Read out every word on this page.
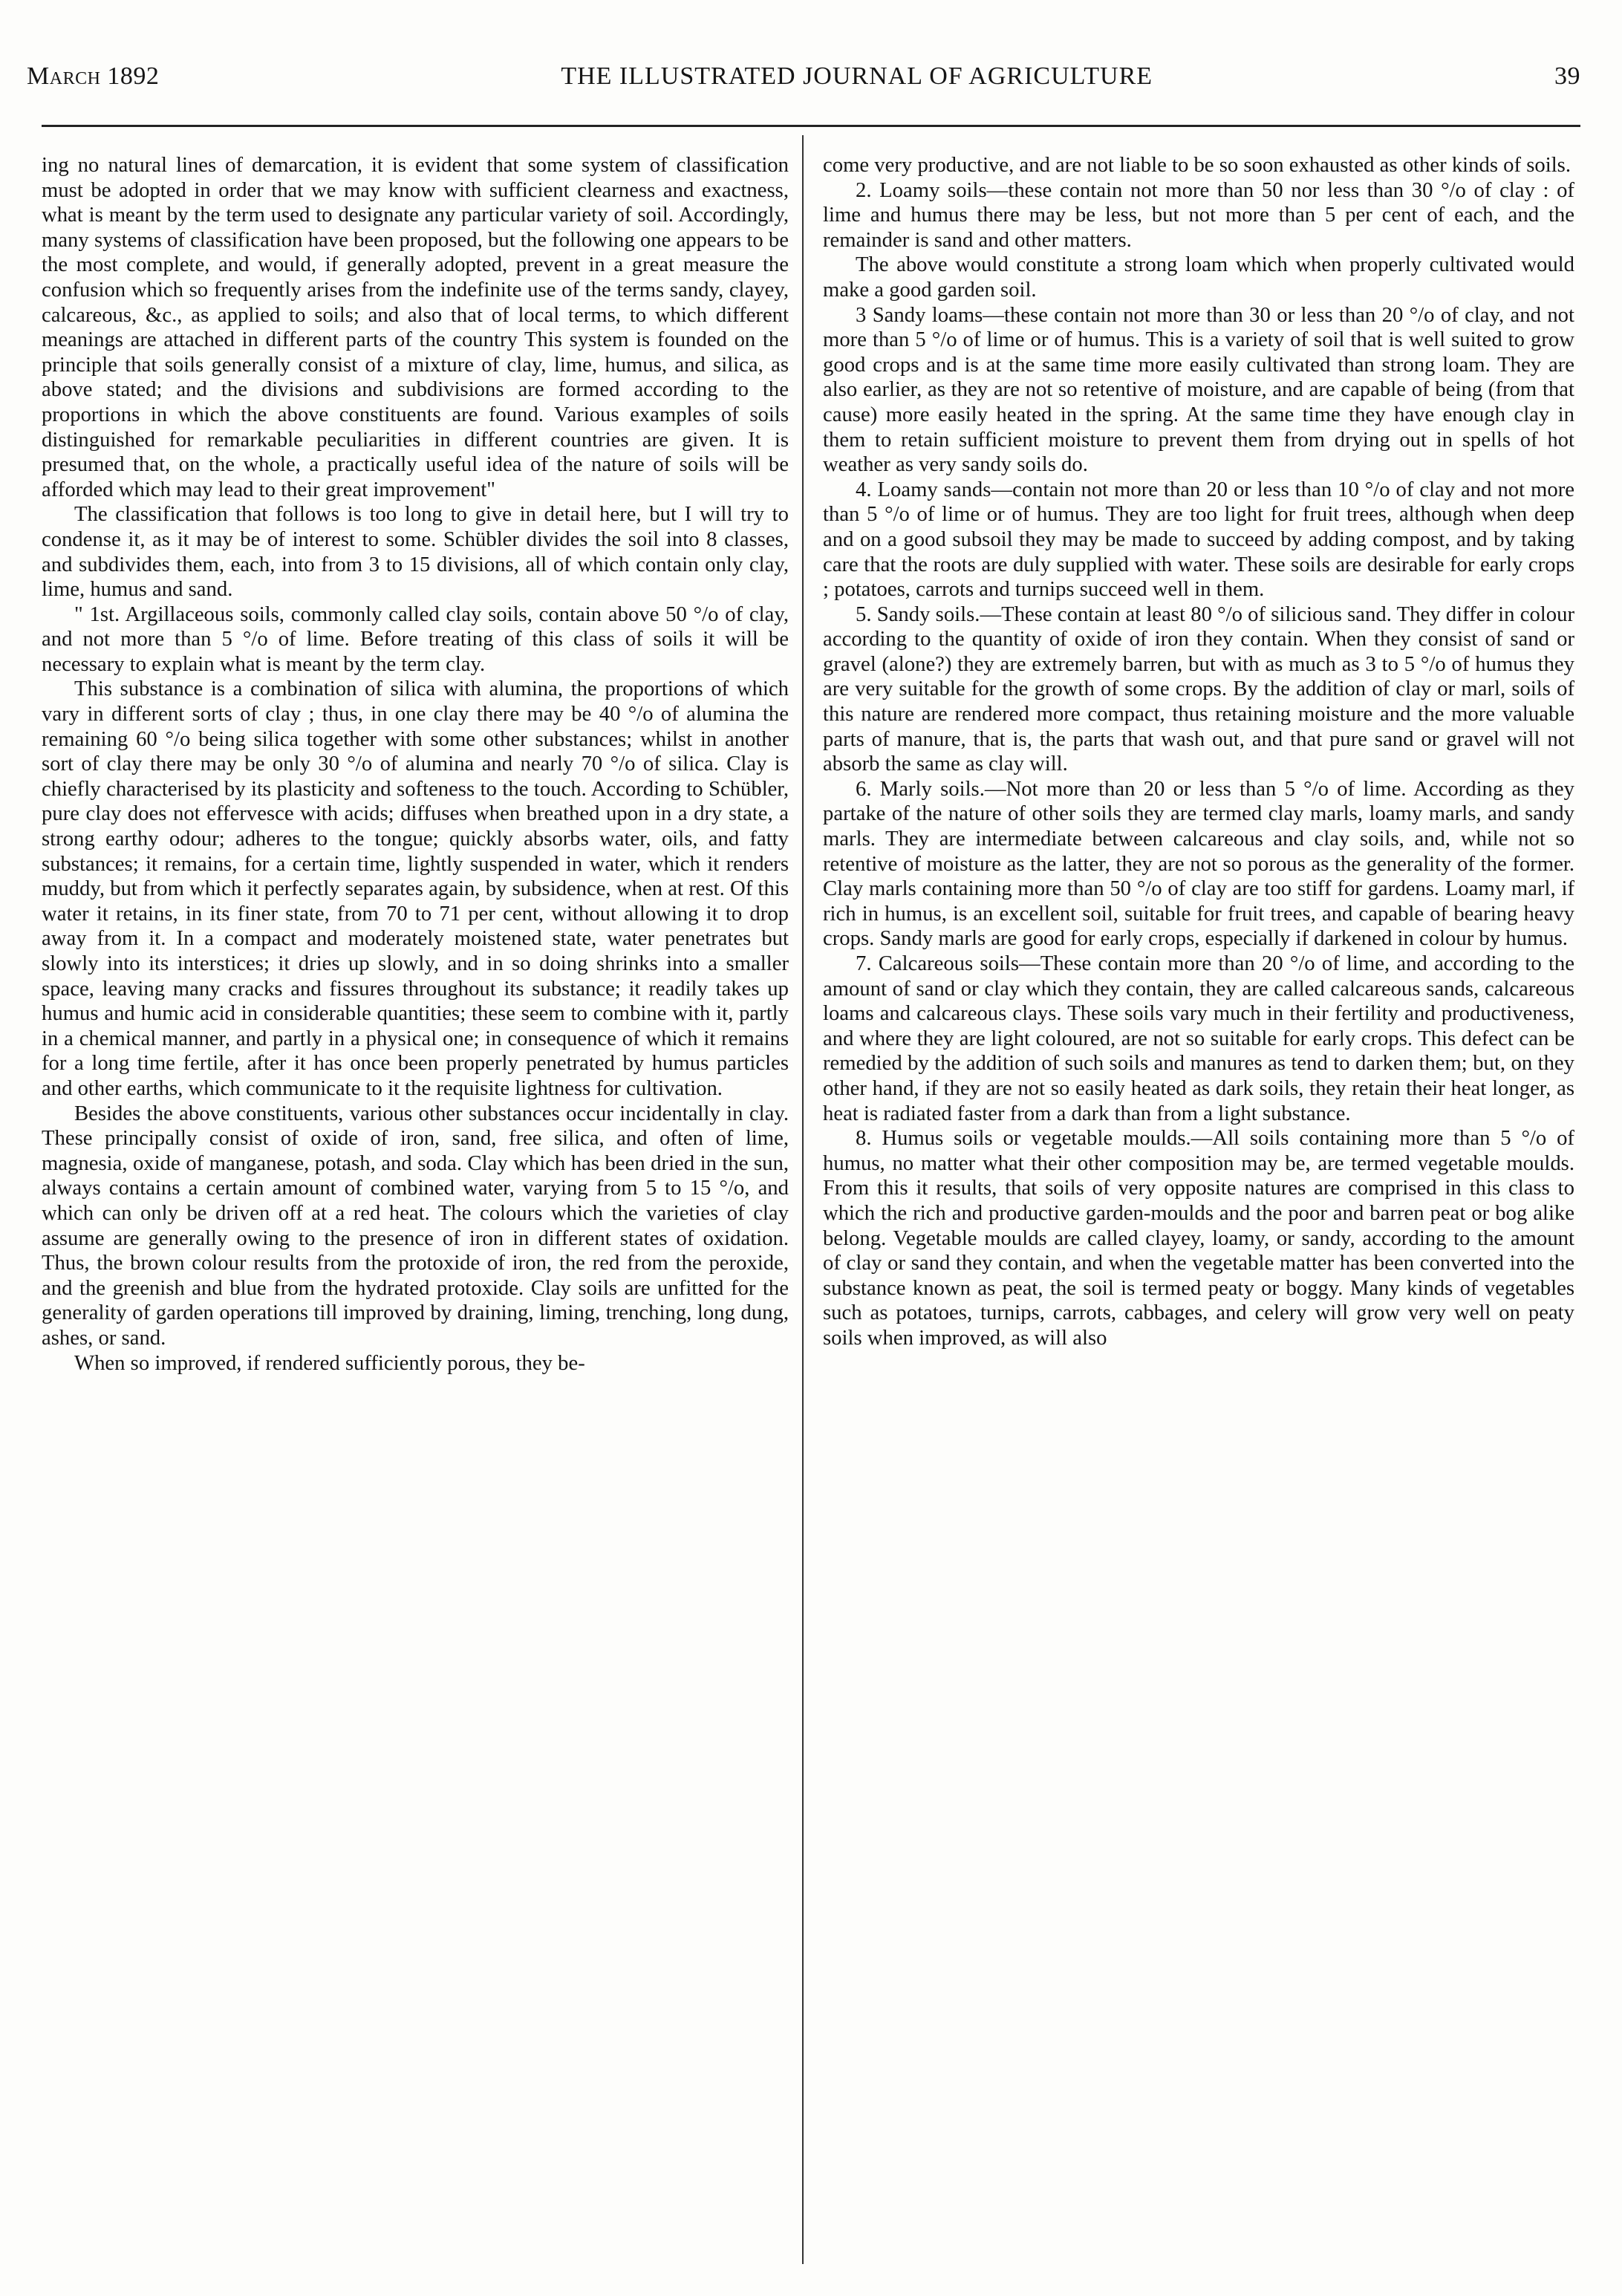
March 1892	THE ILLUSTRATED JOURNAL OF AGRICULTURE	39

ing no natural lines of demarcation, it is evident that some system of classification must be adopted in order that we may know with sufficient clearness and exactness, what is meant by the term used to designate any particular variety of soil. Accordingly, many systems of classification have been proposed, but the following one appears to be the most complete, and would, if generally adopted, prevent in a great measure the confusion which so frequently arises from the indefinite use of the terms sandy, clayey, calcareous, &c., as applied to soils; and also that of local terms, to which different meanings are attached in different parts of the country This system is founded on the principle that soils generally consist of a mixture of clay, lime, humus, and silica, as above stated; and the divisions and subdivisions are formed according to the proportions in which the above constituents are found. Various examples of soils distinguished for remarkable peculiarities in different countries are given. It is presumed that, on the whole, a practically useful idea of the nature of soils will be afforded which may lead to their great improvement"

The classification that follows is too long to give in detail here, but I will try to condense it, as it may be of interest to some. Schübler divides the soil into 8 classes, and subdivides them, each, into from 3 to 15 divisions, all of which contain only clay, lime, humus and sand.

" 1st. Argillaceous soils, commonly called clay soils, contain above 50 °/o of clay, and not more than 5 °/o of lime. Before treating of this class of soils it will be necessary to explain what is meant by the term clay.

This substance is a combination of silica with alumina, the proportions of which vary in different sorts of clay ; thus, in one clay there may be 40 °/o of alumina the remaining 60 °/o being silica together with some other substances; whilst in another sort of clay there may be only 30 °/o of alumina and nearly 70 °/o of silica. Clay is chiefly characterised by its plasticity and softeness to the touch. According to Schübler, pure clay does not effervesce with acids; diffuses when breathed upon in a dry state, a strong earthy odour; adheres to the tongue; quickly absorbs water, oils, and fatty substances; it remains, for a certain time, lightly suspended in water, which it renders muddy, but from which it perfectly separates again, by subsidence, when at rest. Of this water it retains, in its finer state, from 70 to 71 per cent, without allowing it to drop away from it. In a compact and moderately moistened state, water penetrates but slowly into its interstices; it dries up slowly, and in so doing shrinks into a smaller space, leaving many cracks and fissures throughout its substance; it readily takes up humus and humic acid in considerable quantities; these seem to combine with it, partly in a chemical manner, and partly in a physical one; in consequence of which it remains for a long time fertile, after it has once been properly penetrated by humus particles and other earths, which communicate to it the requisite lightness for cultivation.

Besides the above constituents, various other substances occur incidentally in clay. These principally consist of oxide of iron, sand, free silica, and often of lime, magnesia, oxide of manganese, potash, and soda. Clay which has been dried in the sun, always contains a certain amount of combined water, varying from 5 to 15 °/o, and which can only be driven off at a red heat. The colours which the varieties of clay assume are generally owing to the presence of iron in different states of oxidation. Thus, the brown colour results from the protoxide of iron, the red from the peroxide, and the greenish and blue from the hydrated protoxide. Clay soils are unfitted for the generality of garden operations till improved by draining, liming, trenching, long dung, ashes, or sand.

When so improved, if rendered sufficiently porous, they be-

come very productive, and are not liable to be so soon exhausted as other kinds of soils.

2. Loamy soils—these contain not more than 50 nor less than 30 °/o of clay : of lime and humus there may be less, but not more than 5 per cent of each, and the remainder is sand and other matters.

The above would constitute a strong loam which when properly cultivated would make a good garden soil.

3 Sandy loams—these contain not more than 30 or less than 20 °/o of clay, and not more than 5 °/o of lime or of humus. This is a variety of soil that is well suited to grow good crops and is at the same time more easily cultivated than strong loam. They are also earlier, as they are not so retentive of moisture, and are capable of being (from that cause) more easily heated in the spring. At the same time they have enough clay in them to retain sufficient moisture to prevent them from drying out in spells of hot weather as very sandy soils do.

4. Loamy sands—contain not more than 20 or less than 10 °/o of clay and not more than 5 °/o of lime or of humus. They are too light for fruit trees, although when deep and on a good subsoil they may be made to succeed by adding compost, and by taking care that the roots are duly supplied with water. These soils are desirable for early crops ; potatoes, carrots and turnips succeed well in them.

5. Sandy soils.—These contain at least 80 °/o of silicious sand. They differ in colour according to the quantity of oxide of iron they contain. When they consist of sand or gravel (alone?) they are extremely barren, but with as much as 3 to 5 °/o of humus they are very suitable for the growth of some crops. By the addition of clay or marl, soils of this nature are rendered more compact, thus retaining moisture and the more valuable parts of manure, that is, the parts that wash out, and that pure sand or gravel will not absorb the same as clay will.

6. Marly soils.—Not more than 20 or less than 5 °/o of lime. According as they partake of the nature of other soils they are termed clay marls, loamy marls, and sandy marls. They are intermediate between calcareous and clay soils, and, while not so retentive of moisture as the latter, they are not so porous as the generality of the former. Clay marls containing more than 50 °/o of clay are too stiff for gardens. Loamy marl, if rich in humus, is an excellent soil, suitable for fruit trees, and capable of bearing heavy crops. Sandy marls are good for early crops, especially if darkened in colour by humus.

7. Calcareous soils—These contain more than 20 °/o of lime, and according to the amount of sand or clay which they contain, they are called calcareous sands, calcareous loams and calcareous clays. These soils vary much in their fertility and productiveness, and where they are light coloured, are not so suitable for early crops. This defect can be remedied by the addition of such soils and manures as tend to darken them; but, on they other hand, if they are not so easily heated as dark soils, they retain their heat longer, as heat is radiated faster from a dark than from a light substance.

8. Humus soils or vegetable moulds.—All soils containing more than 5 °/o of humus, no matter what their other composition may be, are termed vegetable moulds. From this it results, that soils of very opposite natures are comprised in this class to which the rich and productive garden-moulds and the poor and barren peat or bog alike belong. Vegetable moulds are called clayey, loamy, or sandy, according to the amount of clay or sand they contain, and when the vegetable matter has been converted into the substance known as peat, the soil is termed peaty or boggy. Many kinds of vegetables such as potatoes, turnips, carrots, cabbages, and celery will grow very well on peaty soils when improved, as will also
